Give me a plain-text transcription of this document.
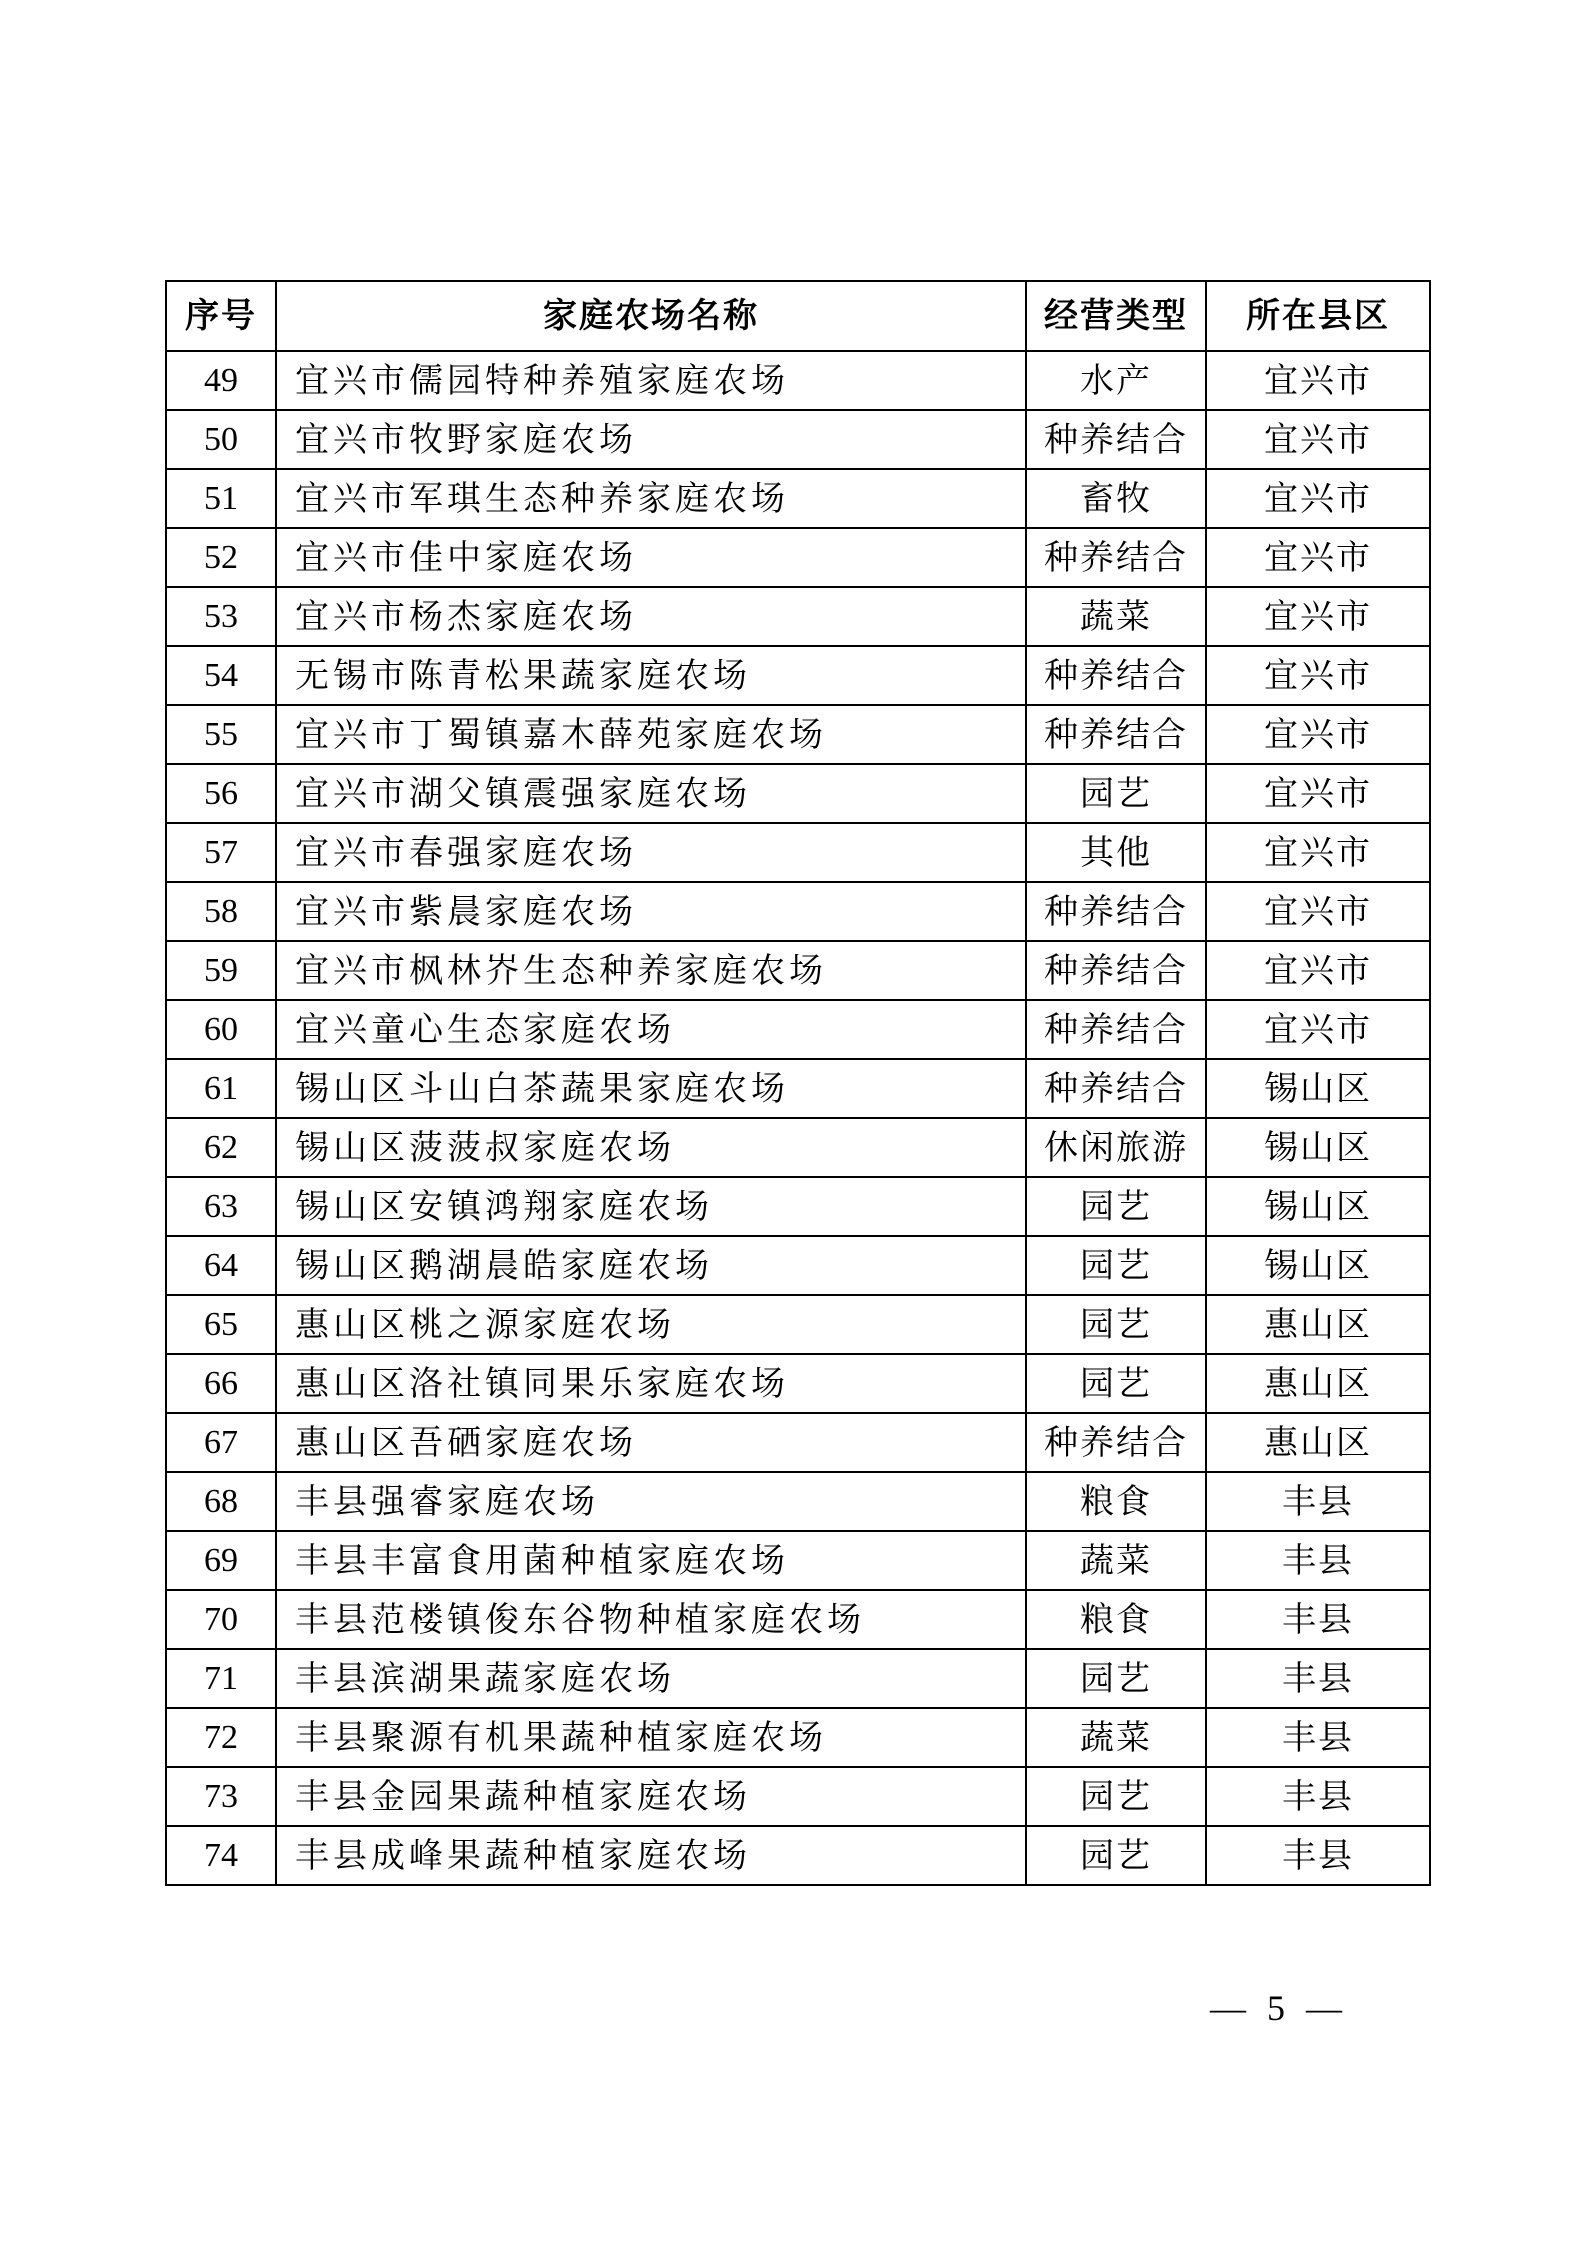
序号	家庭农场名称	经营类型	所在县区
49	宜兴市儒园特种养殖家庭农场	水产	宜兴市
50	宜兴市牧野家庭农场	种养结合	宜兴市
51	宜兴市军琪生态种养家庭农场	畜牧	宜兴市
52	宜兴市佳中家庭农场	种养结合	宜兴市
53	宜兴市杨杰家庭农场	蔬菜	宜兴市
54	无锡市陈青松果蔬家庭农场	种养结合	宜兴市
55	宜兴市丁蜀镇嘉木薛苑家庭农场	种养结合	宜兴市
56	宜兴市湖父镇震强家庭农场	园艺	宜兴市
57	宜兴市春强家庭农场	其他	宜兴市
58	宜兴市紫晨家庭农场	种养结合	宜兴市
59	宜兴市枫林岕生态种养家庭农场	种养结合	宜兴市
60	宜兴童心生态家庭农场	种养结合	宜兴市
61	锡山区斗山白茶蔬果家庭农场	种养结合	锡山区
62	锡山区菠菠叔家庭农场	休闲旅游	锡山区
63	锡山区安镇鸿翔家庭农场	园艺	锡山区
64	锡山区鹅湖晨皓家庭农场	园艺	锡山区
65	惠山区桃之源家庭农场	园艺	惠山区
66	惠山区洛社镇同果乐家庭农场	园艺	惠山区
67	惠山区吾硒家庭农场	种养结合	惠山区
68	丰县强睿家庭农场	粮食	丰县
69	丰县丰富食用菌种植家庭农场	蔬菜	丰县
70	丰县范楼镇俊东谷物种植家庭农场	粮食	丰县
71	丰县滨湖果蔬家庭农场	园艺	丰县
72	丰县聚源有机果蔬种植家庭农场	蔬菜	丰县
73	丰县金园果蔬种植家庭农场	园艺	丰县
74	丰县成峰果蔬种植家庭农场	园艺	丰县
— 5 —
